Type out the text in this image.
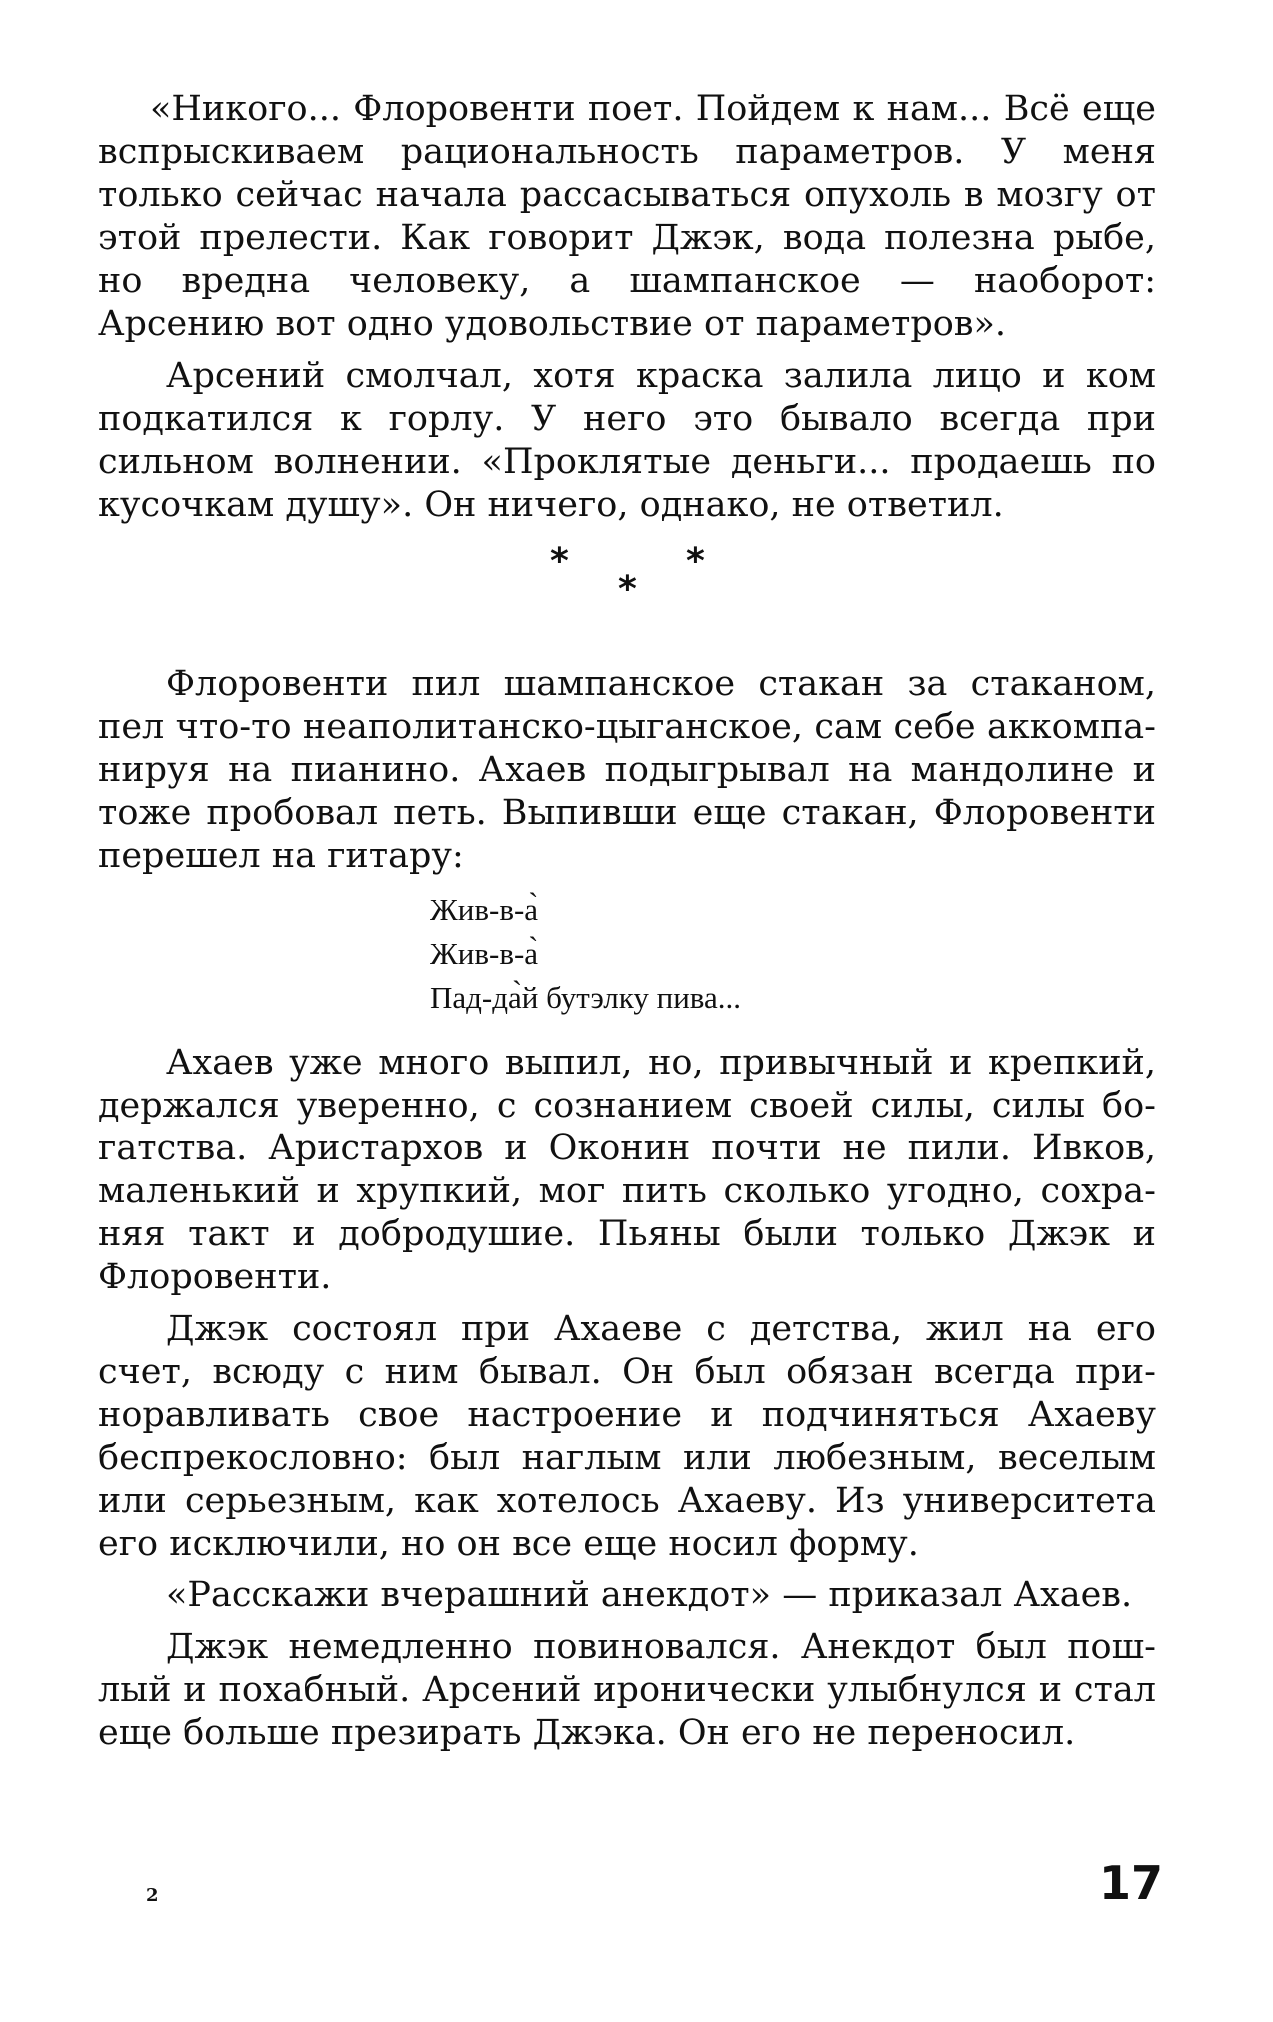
«Никого... Флоровенти поет. Пойдем к нам... Всё еще вспрыскиваем рациональность параметров. У меня только сейчас начала рассасываться опухоль в мозгу от этой прелести. Как говорит Джэк, вода полезна рыбе, но вредна человеку, а шампанское — наоборот: Арсению вот одно удовольствие от параметров».

Арсений смолчал, хотя краска залила лицо и ком подкатился к горлу. У него это бывало всегда при сильном волнении. «Проклятые деньги... продаешь по кусочкам душу». Он ничего, однако, не ответил.

*	*
*

Флоровенти пил шампанское стакан за стаканом, пел что-то неаполитанско-цыганское, сам себе аккомпанируя на пианино. Ахаев подыгрывал на мандолине и тоже пробовал петь. Выпивши еще стакан, Флоровенти перешел на гитару:

Жив-в-а̀
Жив-в-а̀
Пад-да̀й бутэлку пива...

Ахаев уже много выпил, но, привычный и крепкий, держался уверенно, с сознанием своей силы, силы богатства. Аристархов и Оконин почти не пили. Ивков, маленький и хрупкий, мог пить сколько угодно, сохраняя такт и добродушие. Пьяны были только Джэк и Флоровенти.

Джэк состоял при Ахаеве с детства, жил на его счет, всюду с ним бывал. Он был обязан всегда приноравливать свое настроение и подчиняться Ахаеву беспрекословно: был наглым или любезным, веселым или серьезным, как хотелось Ахаеву. Из университета его исключили, но он все еще носил форму.

«Расскажи вчерашний анекдот» — приказал Ахаев.

Джэк немедленно повиновался. Анекдот был пошлый и похабный. Арсений иронически улыбнулся и стал еще больше презирать Джэка. Он его не переносил.

2	17
